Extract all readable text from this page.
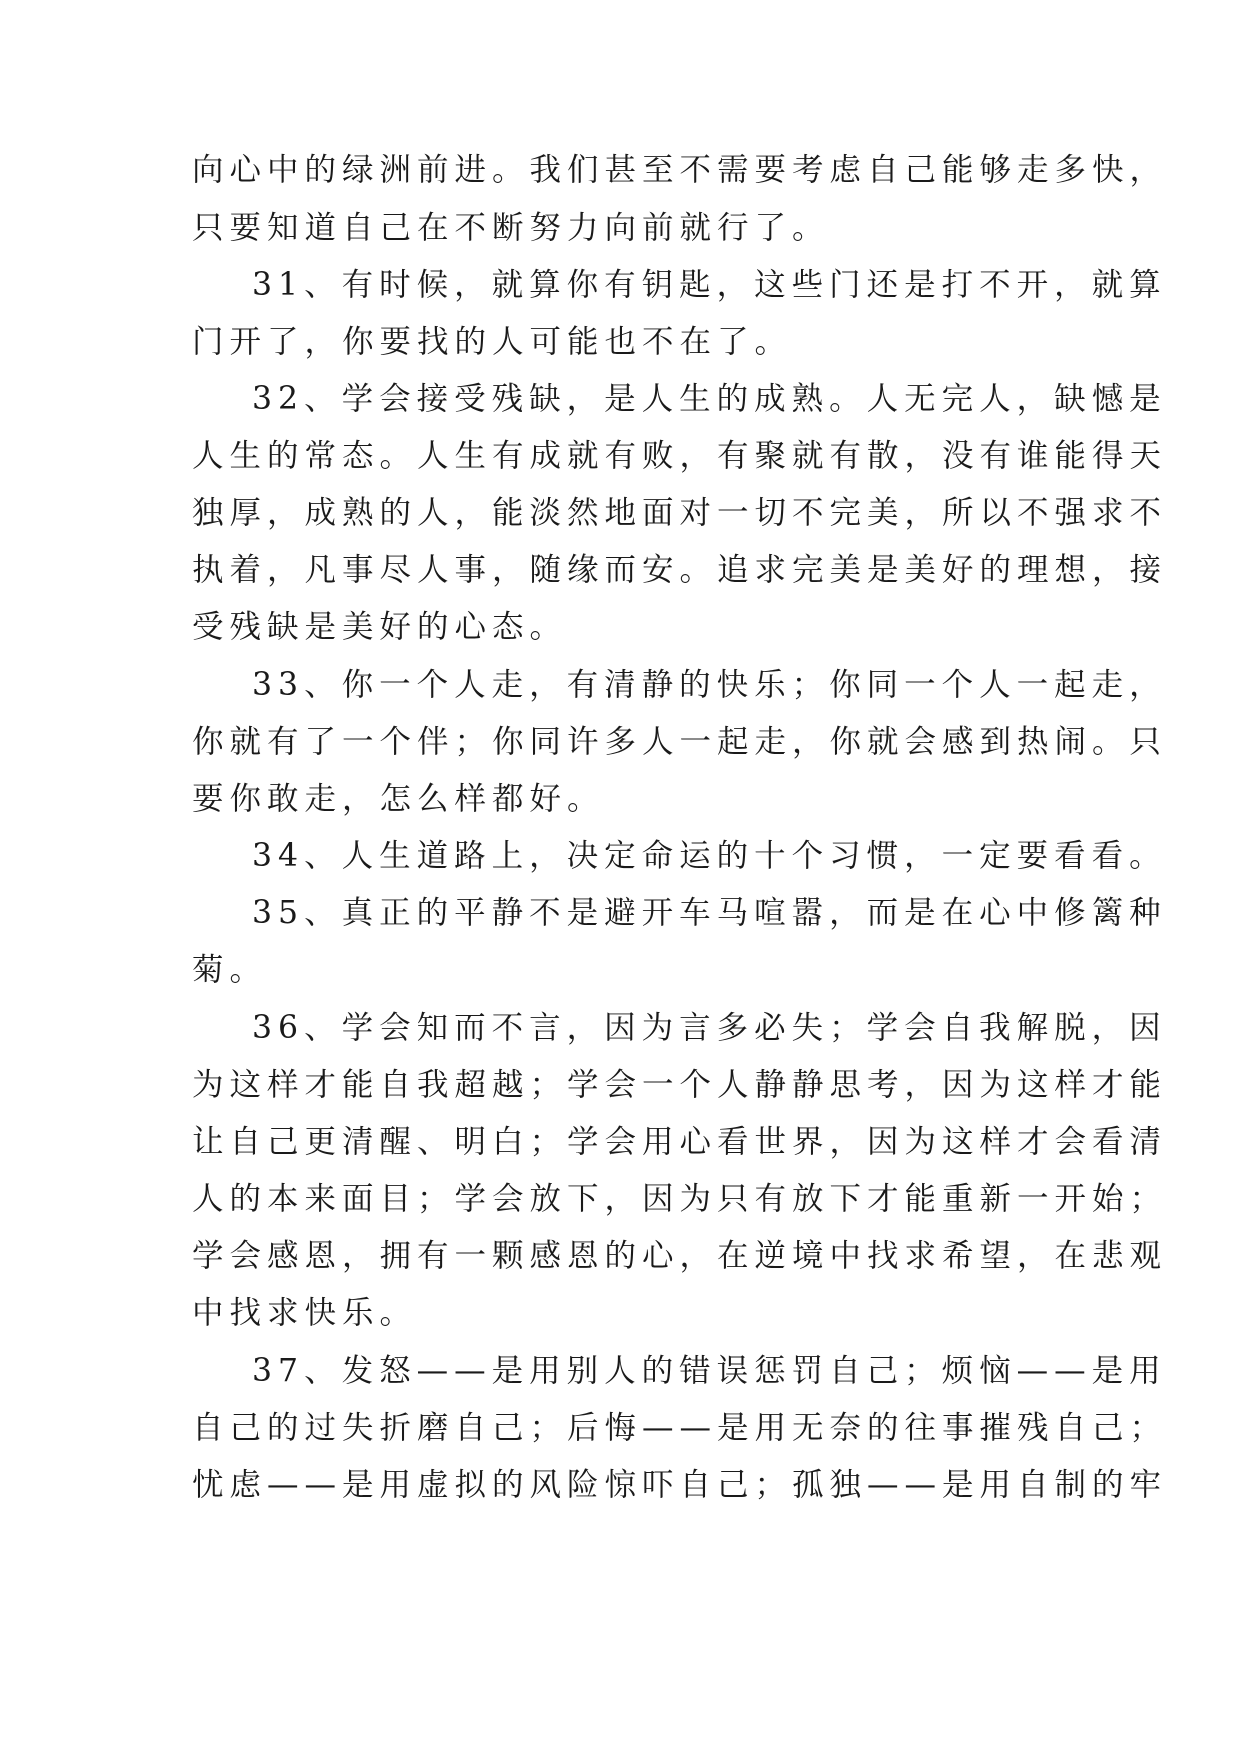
向心中的绿洲前进。我们甚至不需要考虑自己能够走多快，
只要知道自己在不断努力向前就行了。
31、有时候，就算你有钥匙，这些门还是打不开，就算
门开了，你要找的人可能也不在了。
32、学会接受残缺，是人生的成熟。人无完人，缺憾是
人生的常态。人生有成就有败，有聚就有散，没有谁能得天
独厚，成熟的人，能淡然地面对一切不完美，所以不强求不
执着，凡事尽人事，随缘而安。追求完美是美好的理想，接
受残缺是美好的心态。
33、你一个人走，有清静的快乐；你同一个人一起走，
你就有了一个伴；你同许多人一起走，你就会感到热闹。只
要你敢走，怎么样都好。
34、人生道路上，决定命运的十个习惯，一定要看看。
35、真正的平静不是避开车马喧嚣，而是在心中修篱种
菊。
36、学会知而不言，因为言多必失；学会自我解脱，因
为这样才能自我超越；学会一个人静静思考，因为这样才能
让自己更清醒、明白；学会用心看世界，因为这样才会看清
人的本来面目；学会放下，因为只有放下才能重新一开始；
学会感恩，拥有一颗感恩的心，在逆境中找求希望，在悲观
中找求快乐。
37、发怒——是用别人的错误惩罚自己；烦恼——是用
自己的过失折磨自己；后悔——是用无奈的往事摧残自己；
忧虑——是用虚拟的风险惊吓自己；孤独——是用自制的牢
